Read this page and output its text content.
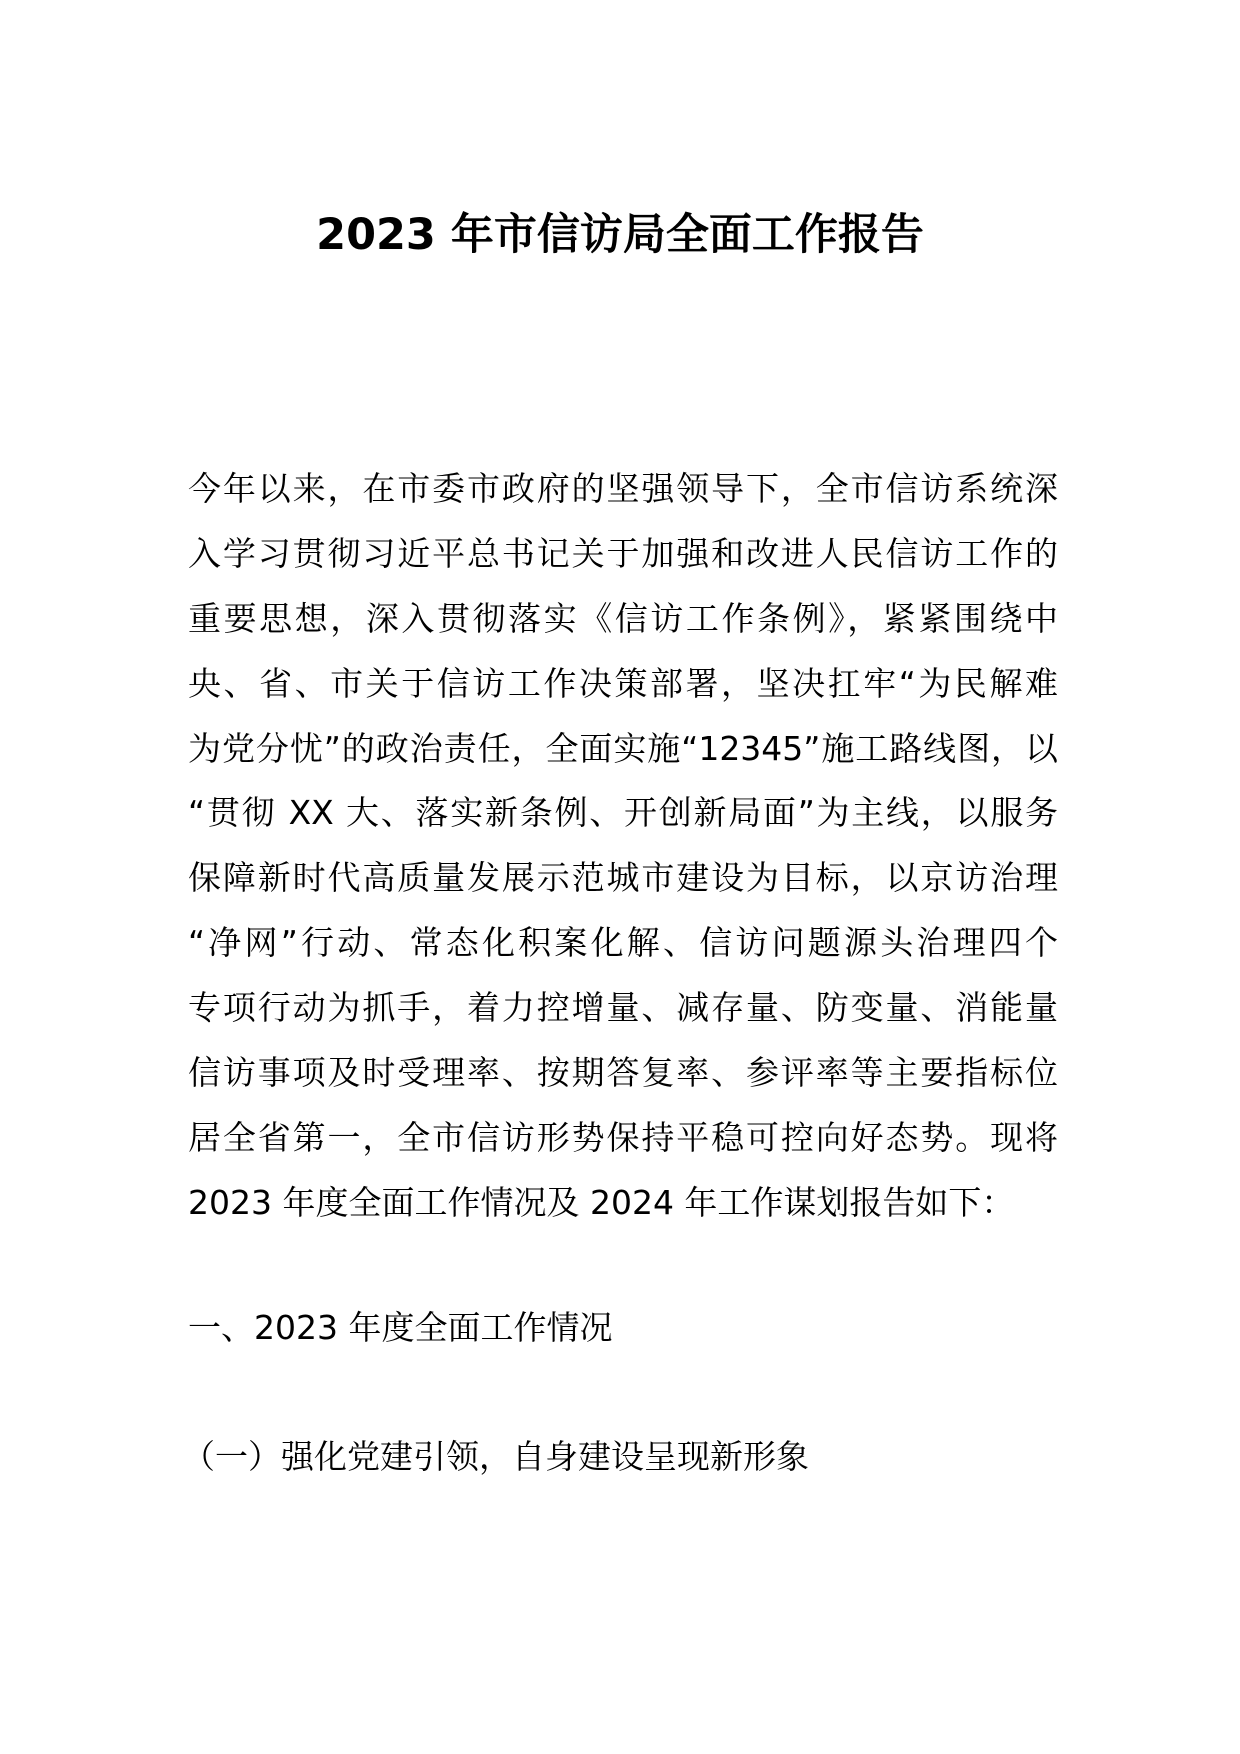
2023 年市信访局全面工作报告
今年以来，在市委市政府的坚强领导下，全市信访系统深
入学习贯彻习近平总书记关于加强和改进人民信访工作的
重要思想，深入贯彻落实《信访工作条例》，紧紧围绕中
央、省、市关于信访工作决策部署，坚决扛牢“为民解难
为党分忧”的政治责任，全面实施“12345”施工路线图，以
“贯彻 XX 大、落实新条例、开创新局面”为主线，以服务
保障新时代高质量发展示范城市建设为目标，以京访治理
“净网”行动、常态化积案化解、信访问题源头治理四个
专项行动为抓手，着力控增量、减存量、防变量、消能量
信访事项及时受理率、按期答复率、参评率等主要指标位
居全省第一，全市信访形势保持平稳可控向好态势。现将
2023 年度全面工作情况及 2024 年工作谋划报告如下：
一、2023 年度全面工作情况
（一）强化党建引领，自身建设呈现新形象
